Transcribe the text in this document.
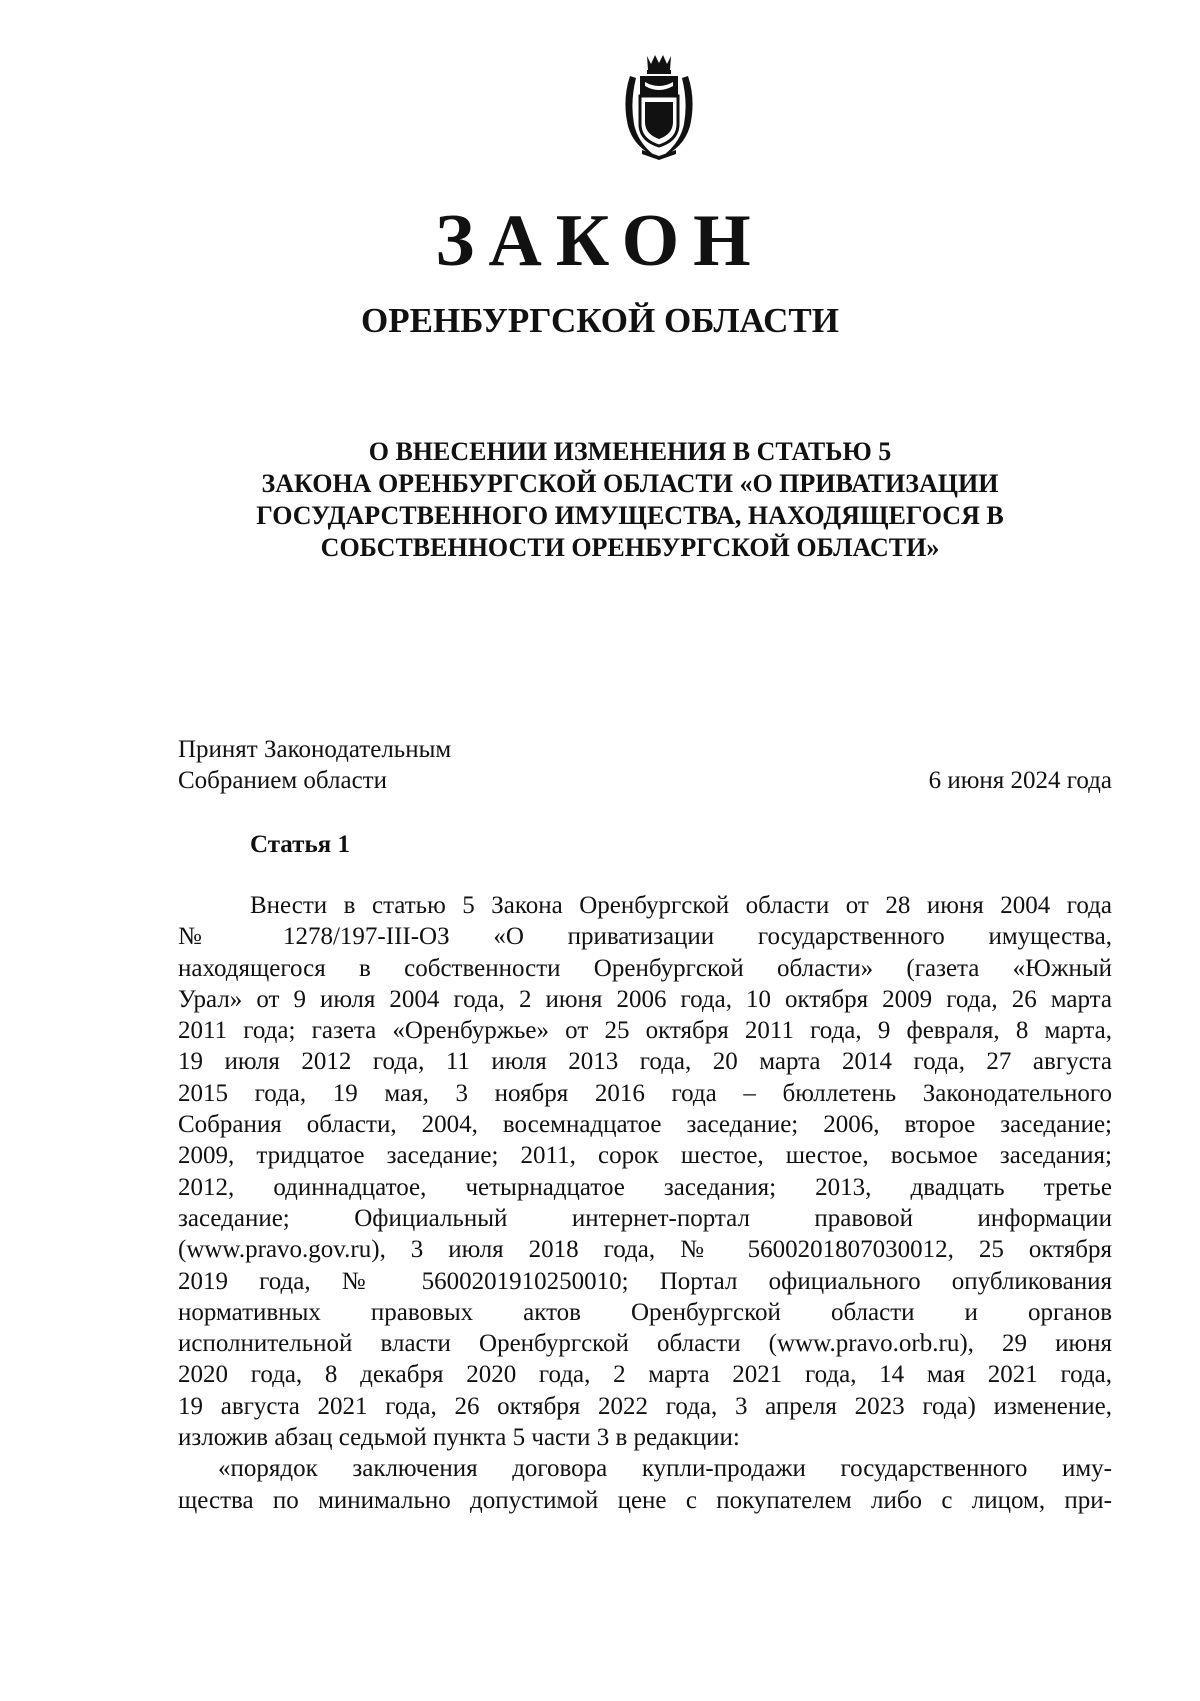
ЗАКОН
ОРЕНБУРГСКОЙ ОБЛАСТИ
О ВНЕСЕНИИ ИЗМЕНЕНИЯ В СТАТЬЮ 5
ЗАКОНА ОРЕНБУРГСКОЙ ОБЛАСТИ «О ПРИВАТИЗАЦИИ
ГОСУДАРСТВЕННОГО ИМУЩЕСТВА, НАХОДЯЩЕГОСЯ В
СОБСТВЕННОСТИ ОРЕНБУРГСКОЙ ОБЛАСТИ»
Принят Законодательным
Собранием области	6 июня 2024 года
Статья 1
Внести в статью 5 Закона Оренбургской области от 28 июня 2004 года
№ 1278/197-III-ОЗ «О приватизации государственного имущества,
находящегося в собственности Оренбургской области» (газета «Южный
Урал» от 9 июля 2004 года, 2 июня 2006 года, 10 октября 2009 года, 26 марта
2011 года; газета «Оренбуржье» от 25 октября 2011 года, 9 февраля, 8 марта,
19 июля 2012 года, 11 июля 2013 года, 20 марта 2014 года, 27 августа
2015 года, 19 мая, 3 ноября 2016 года – бюллетень Законодательного
Собрания области, 2004, восемнадцатое заседание; 2006, второе заседание;
2009, тридцатое заседание; 2011, сорок шестое, шестое, восьмое заседания;
2012, одиннадцатое, четырнадцатое заседания; 2013, двадцать третье
заседание; Официальный интернет-портал правовой информации
(www.pravo.gov.ru), 3 июля 2018 года, № 5600201807030012, 25 октября
2019 года, № 5600201910250010; Портал официального опубликования
нормативных правовых актов Оренбургской области и органов
исполнительной власти Оренбургской области (www.pravo.orb.ru), 29 июня
2020 года, 8 декабря 2020 года, 2 марта 2021 года, 14 мая 2021 года,
19 августа 2021 года, 26 октября 2022 года, 3 апреля 2023 года) изменение,
изложив абзац седьмой пункта 5 части 3 в редакции:
«порядок заключения договора купли-продажи государственного иму-
щества по минимально допустимой цене с покупателем либо с лицом, при-
